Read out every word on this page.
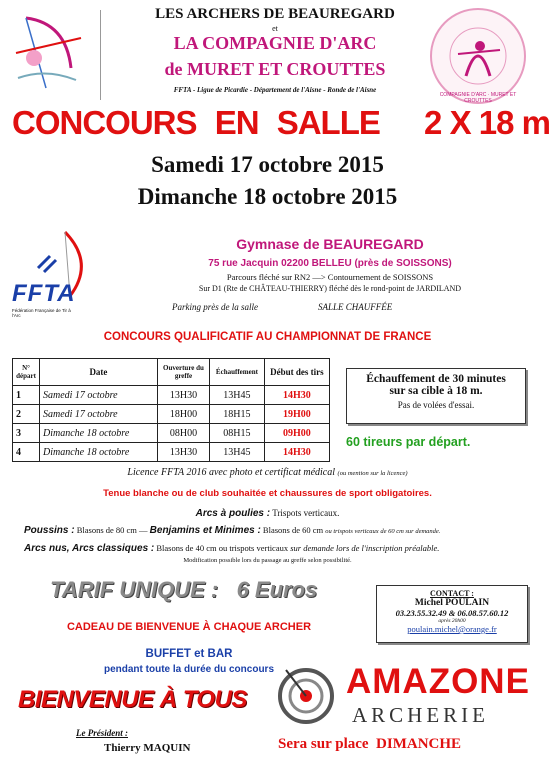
LES ARCHERS DE BEAUREGARD
et
LA COMPAGNIE D'ARC
de MURET ET CROUTTES
FFTA - Ligue de Picardie - Département de l'Aisne - Ronde de l'Aisne
COMPAGNIE D'ARC · MURET ET CROUTTES
CONCOURS EN SALLE 2 X 18 m
Samedi 17 octobre 2015
Dimanche 18 octobre 2015
FFTA
Fédération Française de Tir à l'Arc
Gymnase de BEAUREGARD
75 rue Jacquin 02200 BELLEU (près de SOISSONS)
Parcours fléché sur RN2 —> Contournement de SOISSONS
Sur D1 (Rte de CHÂTEAU-THIERRY) fléché dès le rond-point de JARDILAND
Parking près de la salle	SALLE CHAUFFÉE
CONCOURS QUALIFICATIF AU CHAMPIONNAT DE FRANCE
N° départ	Date	Ouverture du greffe	Échauffement	Début des tirs
1	Samedi 17 octobre	13H30	13H45	14H30
2	Samedi 17 octobre	18H00	18H15	19H00
3	Dimanche 18 octobre	08H00	08H15	09H00
4	Dimanche 18 octobre	13H30	13H45	14H30
Échauffement de 30 minutes
sur sa cible à 18 m.
Pas de volées d'essai.
60 tireurs par départ.
Licence FFTA 2016 avec photo et certificat médical (ou mention sur la licence)
Tenue blanche ou de club souhaitée et chaussures de sport obligatoires.
Arcs à poulies : Trispots verticaux.
Poussins : Blasons de 80 cm — Benjamins et Minimes : Blasons de 60 cm ou trispots verticaux de 60 cm sur demande.
Arcs nus, Arcs classiques : Blasons de 40 cm ou trispots verticaux sur demande lors de l'inscription préalable.
Modification possible lors du passage au greffe selon possibilité.
TARIF UNIQUE :   6 Euros
CADEAU DE BIENVENUE À CHAQUE ARCHER
BUFFET et BAR
pendant toute la durée du concours
BIENVENUE À TOUS
Le Président :
Thierry MAQUIN
CONTACT :
Michel POULAIN
03.23.55.32.49 & 06.08.57.60.12
après 20h00
poulain.michel@orange.fr
AMAZONE
ARCHERIE
Sera sur place  DIMANCHE
